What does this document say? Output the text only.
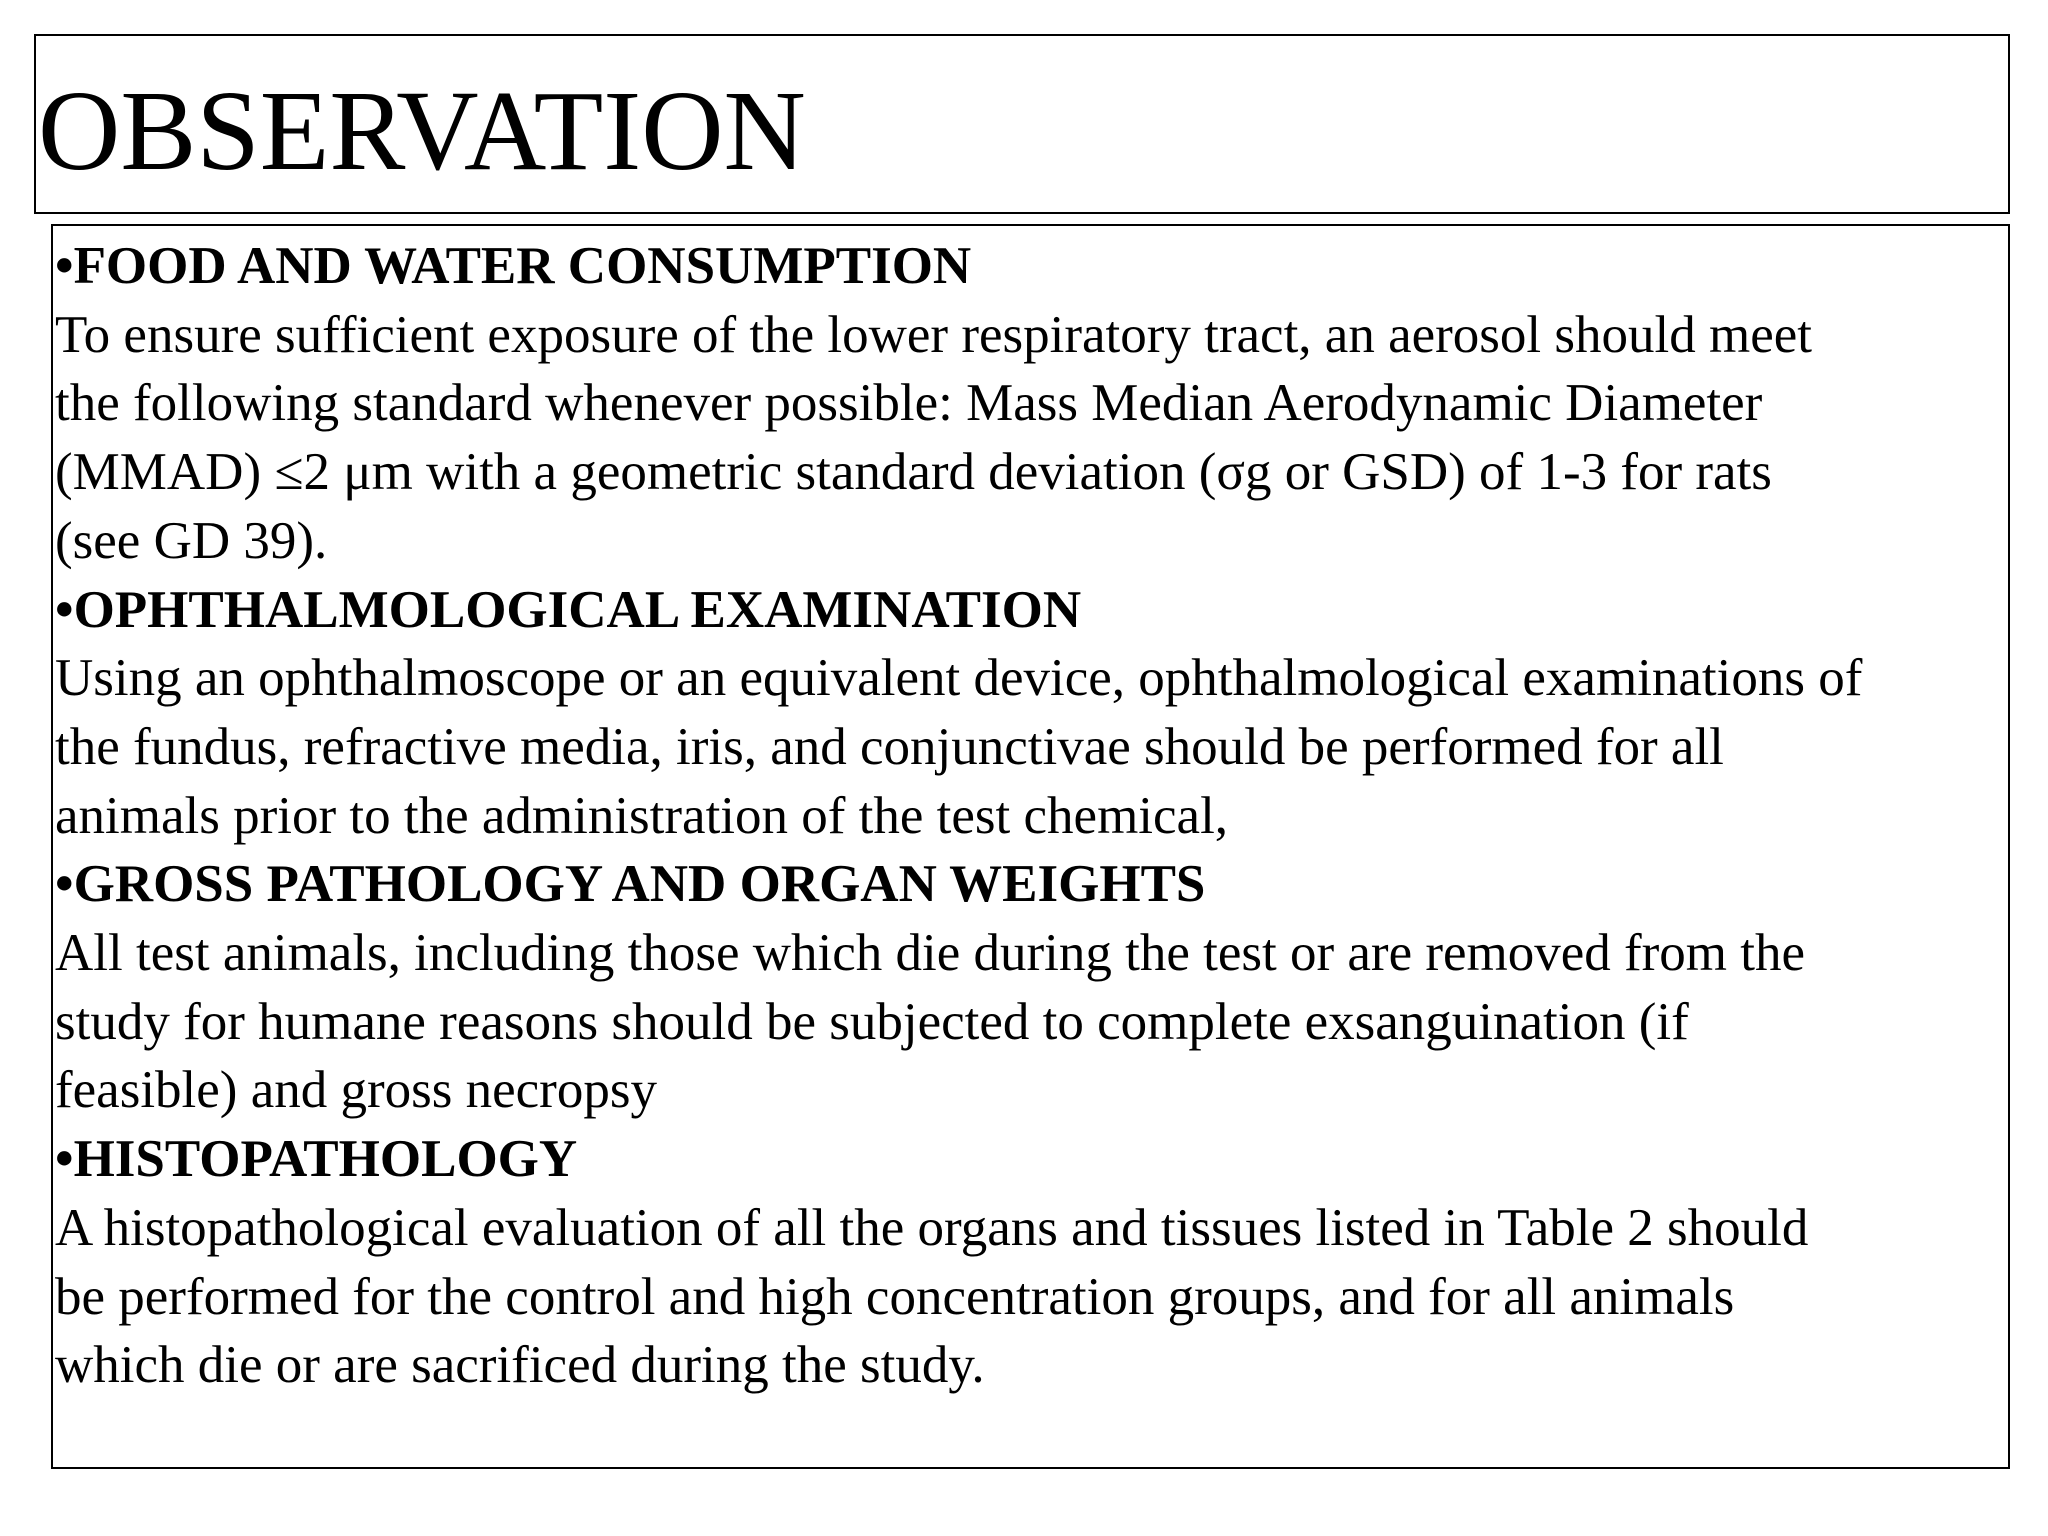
OBSERVATION
•FOOD AND WATER CONSUMPTION
To ensure sufficient exposure of the lower respiratory tract, an aerosol should meet
the following standard whenever possible: Mass Median Aerodynamic Diameter
(MMAD) ≤2 μm with a geometric standard deviation (σg or GSD) of 1-3 for rats
(see GD 39).
•OPHTHALMOLOGICAL EXAMINATION
Using an ophthalmoscope or an equivalent device, ophthalmological examinations of
the fundus, refractive media, iris, and conjunctivae should be performed for all
animals prior to the administration of the test chemical,
•GROSS PATHOLOGY AND ORGAN WEIGHTS
All test animals, including those which die during the test or are removed from the
study for humane reasons should be subjected to complete exsanguination (if
feasible) and gross necropsy
•HISTOPATHOLOGY
A histopathological evaluation of all the organs and tissues listed in Table 2 should
be performed for the control and high concentration groups, and for all animals
which die or are sacrificed during the study.
